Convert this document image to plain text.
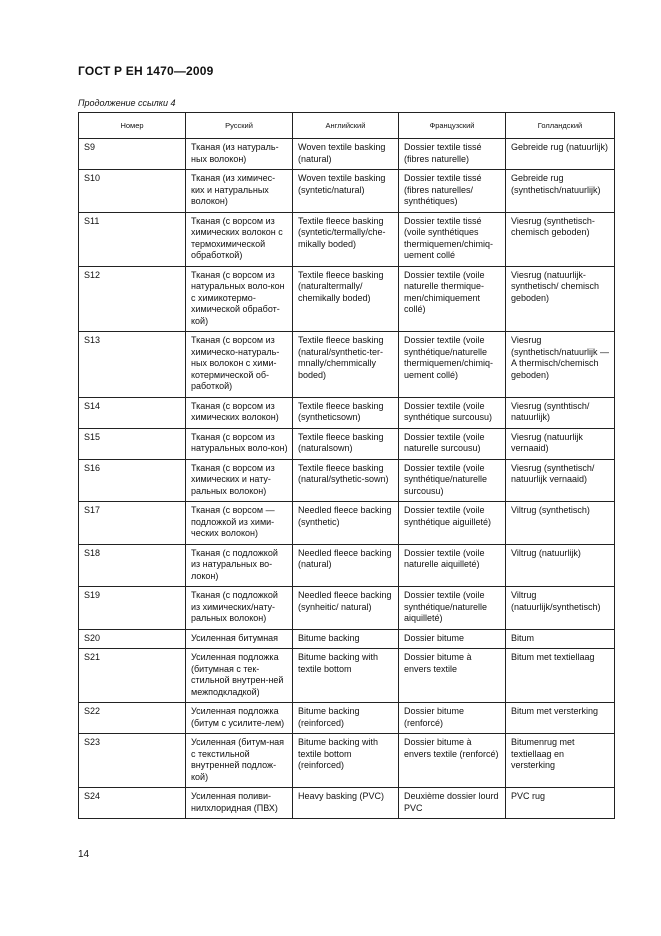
ГОСТ Р ЕН 1470—2009
Продолжение ссылки 4
Номер	Русский	Английский	Французский	Голландский
S9	Тканая (из натураль-ных волокон)	Woven textile basking (natural)	Dossier textile tissé (fibres naturelle)	Gebreide rug (natuurlijk)
S10	Тканая (из химичес-ких и натуральных волокон)	Woven textile basking (syntetic/natural)	Dossier textile tissé (fibres naturelles/ synthétiques)	Gebreide rug (synthetisch/natuurlijk)
S11	Тканая (с ворсом из химических волокон с термохимической обработкой)	Textile fleece basking (syntetic/termally/che-mikally boded)	Dossier textile tissé (voile synthétiques thermiquemen/chimiq-uement collé	Viesrug (synthetisch-chemisch geboden)
S12	Тканая (с ворсом из натуральных воло-кон с химикотермо-химической обработ-кой)	Textile fleece basking (naturaltermally/ chemikally boded)	Dossier textile (voile naturelle thermique-men/chimiquement collé)	Viesrug (natuurlijk-synthetisch/ chemisch geboden)
S13	Тканая (с ворсом из химическо-натураль-ных волокон с хими-котермической об-работкой)	Textile fleece basking (natural/synthetic-ter-mnally/chemmically boded)	Dossier textile (voile synthétique/naturelle thermiquemen/chimiq-uement collé)	Viesrug (synthetisch/natuurlijk — A thermisch/chemisch geboden)
S14	Тканая (с ворсом из химических волокон)	Textile fleece basking (syntheticsown)	Dossier textile (voile synthétique surcousu)	Viesrug (synthtisch/ natuurlijk)
S15	Тканая (с ворсом из натуральных воло-кон)	Textile fleece basking (naturalsown)	Dossier textile (voile naturelle surcousu)	Viesrug (natuurlijk vernaaid)
S16	Тканая (с ворсом из химических и нату-ральных волокон)	Textile fleece basking (natural/sythetic-sown)	Dossier textile (voile synthétique/naturelle surcousu)	Viesrug (synthetisch/ natuurlijk vernaaid)
S17	Тканая (с ворсом — подложкой из хими-ческих волокон)	Needled fleece backing (synthetic)	Dossier textile (voile synthétique aiguilleté)	Viltrug (synthetisch)
S18	Тканая (с подложкой из натуральных во-локон)	Needled fleece backing (natural)	Dossier textile (voile naturelle aiquilleté)	Viltrug (natuurlijk)
S19	Тканая (с подложкой из химических/нату-ральных волокон)	Needled fleece backing (synheitic/ natural)	Dossier textile (voile synthétique/naturelle aiquilleté)	Viltrug (natuurlijk/synthetisch)
S20	Усиленная битумная	Bitume backing	Dossier bitume	Bitum
S21	Усиленная подложка (битумная с тек-стильной внутрен-ней межподкладкой)	Bitume backing with textile bottom	Dossier bitume à envers textile	Bitum met textiellaag
S22	Усиленная подложка (битум с усилите-лем)	Bitume backing (reinforced)	Dossier bitume (renforcé)	Bitum met versterking
S23	Усиленная (битум-ная с текстильной внутренней подлож-кой)	Bitume backing with textile bottom (reinforced)	Dossier bitume à envers textile (renforcé)	Bitumenrug met textiellaag en versterking
S24	Усиленная поливи-нилхлоридная (ПВХ)	Heavy basking (PVC)	Deuxième dossier lourd PVC	PVC rug
14
